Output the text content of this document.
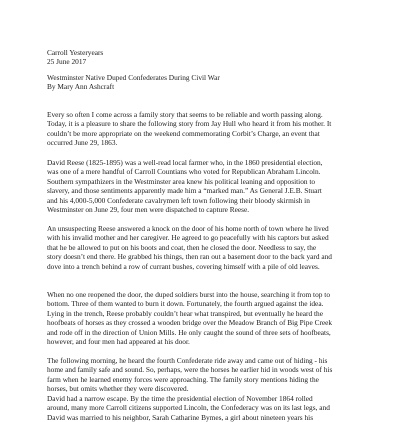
Carroll Yesteryears
25 June 2017
Westminster Native Duped Confederates During Civil War
By Mary Ann Ashcraft
Every so often I come across a family story that seems to be reliable and worth passing along.
Today, it is a pleasure to share the following story from Jay Hull who heard it from his mother. It
couldn’t be more appropriate on the weekend commemorating Corbit’s Charge, an event that
occurred June 29, 1863.
David Reese (1825-1895) was a well-read local farmer who, in the 1860 presidential election,
was one of a mere handful of Carroll Countians who voted for Republican Abraham Lincoln.
Southern sympathizers in the Westminster area knew his political leaning and opposition to
slavery, and those sentiments apparently made him a “marked man.” As General J.E.B. Stuart
and his 4,000-5,000 Confederate cavalrymen left town following their bloody skirmish in
Westminster on June 29, four men were dispatched to capture Reese.
An unsuspecting Reese answered a knock on the door of his home north of town where he lived
with his invalid mother and her caregiver. He agreed to go peacefully with his captors but asked
that he be allowed to put on his boots and coat, then he closed the door. Needless to say, the
story doesn’t end there. He grabbed his things, then ran out a basement door to the back yard and
dove into a trench behind a row of currant bushes, covering himself with a pile of old leaves.
When no one reopened the door, the duped soldiers burst into the house, searching it from top to
bottom. Three of them wanted to burn it down. Fortunately, the fourth argued against the idea.
Lying in the trench, Reese probably couldn’t hear what transpired, but eventually he heard the
hoofbeats of horses as they crossed a wooden bridge over the Meadow Branch of Big Pipe Creek
and rode off in the direction of Union Mills. He only caught the sound of three sets of hoofbeats,
however, and four men had appeared at his door.
The following morning, he heard the fourth Confederate ride away and came out of hiding - his
home and family safe and sound. So, perhaps, were the horses he earlier hid in woods west of his
farm when he learned enemy forces were approaching. The family story mentions hiding the
horses, but omits whether they were discovered.
David had a narrow escape. By the time the presidential election of November 1864 rolled
around, many more Carroll citizens supported Lincoln, the Confederacy was on its last legs, and
David was married to his neighbor, Sarah Catharine Bymes, a girl about nineteen years his
